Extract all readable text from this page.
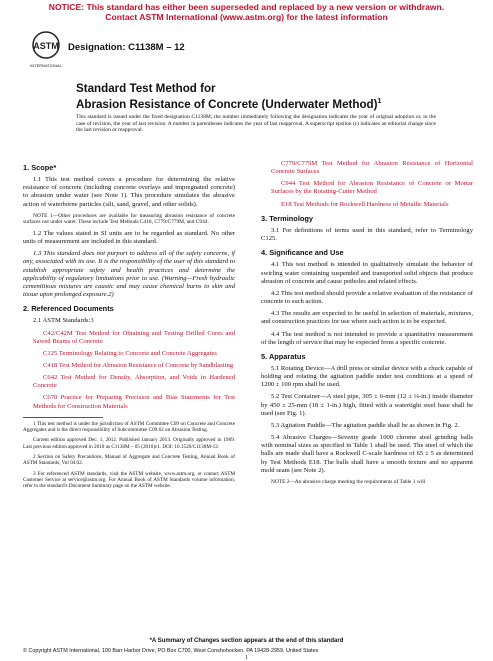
NOTICE: This standard has either been superseded and replaced by a new version or withdrawn.
Contact ASTM International (www.astm.org) for the latest information
ASTM
INTERNATIONAL
Designation: C1138M – 12
Standard Test Method for
Abrasion Resistance of Concrete (Underwater Method)$^1$
This standard is issued under the fixed designation C1138M; the number immediately following the designation indicates the year of original adoption or, in the case of revision, the year of last revision. A number in parentheses indicates the year of last reapproval. A superscript epsilon (ε) indicates an editorial change since the last revision or reapproval.
1. Scope*

1.1 This test method covers a procedure for determining the relative resistance of concrete (including concrete overlays and impregnated concrete) to abrasion under water (see Note 1). This procedure simulates the abrasive action of waterborne particles (silt, sand, gravel, and other solids).

NOTE 1—Other procedures are available for measuring abrasion resistance of concrete surfaces not under water. These include Test Methods C418, C779/C779M, and C944.

1.2 The values stated in SI units are to be regarded as standard. No other units of measurement are included in this standard.

1.3 This standard does not purport to address all of the safety concerns, if any, associated with its use. It is the responsibility of the user of this standard to establish appropriate safety and health practices and determine the applicability of regulatory limitations prior to use. (Warning—Fresh hydraulic cementitious mixtures are caustic and may cause chemical burns to skin and tissue upon prolonged exposure.2)

2. Referenced Documents

2.1 ASTM Standards:3

C42/C42M Test Method for Obtaining and Testing Drilled Cores and Sawed Beams of Concrete

C125 Terminology Relating to Concrete and Concrete Aggregates

C418 Test Method for Abrasion Resistance of Concrete by Sandblasting

C642 Test Method for Density, Absorption, and Voids in Hardened Concrete

C670 Practice for Preparing Precision and Bias Statements for Test Methods for Construction Materials

1 This test method is under the jurisdiction of ASTM Committee C09 on Concrete and Concrete Aggregates and is the direct responsibility of Subcommittee C09.62 on Abrasion Testing.

Current edition approved Dec. 1, 2012. Published January 2013. Originally approved in 1989. Last previous edition approved in 2010 as C1138M – 05 (2010)ε1. DOI: 10.1520/C1138M-12.

2 Section on Safety Precautions, Manual of Aggregate and Concrete Testing, Annual Book of ASTM Standards, Vol 04.02.

3 For referenced ASTM standards, visit the ASTM website, www.astm.org, or contact ASTM Customer Service at service@astm.org. For Annual Book of ASTM Standards volume information, refer to the standard's Document Summary page on the ASTM website.

C779/C779M Test Method for Abrasion Resistance of Horizontal Concrete Surfaces

C944 Test Method for Abrasion Resistance of Concrete or Mortar Surfaces by the Rotating-Cutter Method

E18 Test Methods for Rockwell Hardness of Metallic Materials

3. Terminology

3.1 For definitions of terms used in this standard, refer to Terminology C125.

4. Significance and Use

4.1 This test method is intended to qualitatively simulate the behavior of swirling water containing suspended and transported solid objects that produce abrasion of concrete and cause potholes and related effects.

4.2 This test method should provide a relative evaluation of the resistance of concrete to such action.

4.3 The results are expected to be useful in selection of materials, mixtures, and construction practices for use where such action is to be expected.

4.4 The test method is not intended to provide a quantitative measurement of the length of service that may be expected from a specific concrete.

5. Apparatus

5.1 Rotating Device—A drill press or similar device with a chuck capable of holding and rotating the agitation paddle under test conditions at a speed of 1200 ± 100 rpm shall be used.

5.2 Test Container—A steel pipe, 305 ± 6-mm (12 ± ¼-in.) inside diameter by 450 ± 25-mm (18 ± 1-in.) high, fitted with a watertight steel base shall be used (see Fig. 1).

5.3 Agitation Paddle—The agitation paddle shall be as shown in Fig. 2.

5.4 Abrasive Charges—Seventy grade 1000 chrome steel grinding balls with nominal sizes as specified in Table 1 shall be used. The steel of which the balls are made shall have a Rockwell C-scale hardness of 65 ± 5 as determined by Test Methods E18. The balls shall have a smooth texture and no apparent mold seam (see Note 2).

NOTE 2—An abrasive charge meeting the requirements of Table 1 will

*A Summary of Changes section appears at the end of this standard
© Copyright ASTM International, 100 Barr Harbor Drive, PO Box C700, West Conshohocken, PA 19428-2959. United States
1
